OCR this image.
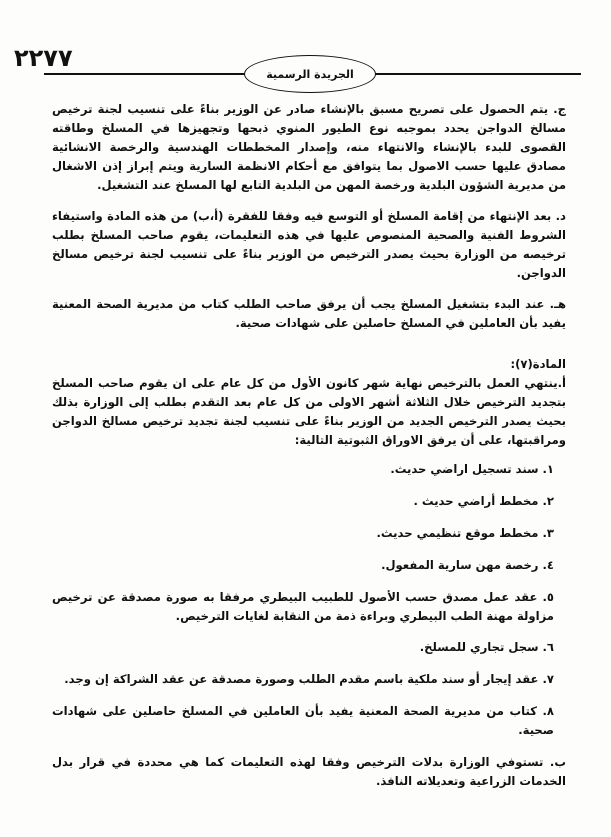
٢٢٧٧
الجريدة الرسمية

ج. يتم الحصول على تصريح مسبق بالإنشاء صادر عن الوزير بناءً على تنسيب لجنة ترخيص مسالخ الدواجن يحدد بموجبه نوع الطيور المنوي ذبحها وتجهيزها في المسلخ وطاقته القصوى للبدء بالإنشاء والانتهاء منه، وإصدار المخططات الهندسية والرخصة الانشائية مصادق عليها حسب الاصول بما يتوافق مع أحكام الانظمة السارية ويتم إبراز إذن الاشغال من مديرية الشؤون البلدية ورخصة المهن من البلدية التابع لها المسلخ عند التشغيل.

د. بعد الإنتهاء من إقامة المسلخ أو التوسع فيه وفقا للفقرة (أ،ب) من هذه المادة واستيفاء الشروط الفنية والصحية المنصوص عليها في هذه التعليمات، يقوم صاحب المسلخ بطلب ترخيصه من الوزارة بحيث يصدر الترخيص من الوزير بناءً على تنسيب لجنة ترخيص مسالخ الدواجن.

هـ. عند البدء بتشغيل المسلخ يجب أن يرفق صاحب الطلب كتاب من مديرية الصحة المعنية يفيد بأن العاملين في المسلخ حاصلين على شهادات صحية.

المادة(٧):

أ.ينتهي العمل بالترخيص نهاية شهر كانون الأول من كل عام على ان يقوم صاحب المسلخ بتجديد الترخيص خلال الثلاثة أشهر الاولى من كل عام بعد التقدم بطلب إلى الوزارة بذلك بحيث يصدر الترخيص الجديد من الوزير بناءً على تنسيب لجنة تجديد ترخيص مسالخ الدواجن ومراقبتها، على أن يرفق الاوراق الثبوتية التالية:

١. سند تسجيل اراضي حديث.
٢. مخطط أراضي حديث .
٣. مخطط موقع تنظيمي حديث.
٤. رخصة مهن سارية المفعول.
٥. عقد عمل مصدق حسب الأصول للطبيب البيطري مرفقا به صورة مصدقة عن ترخيص مزاولة مهنة الطب البيطري وبراءة ذمة من النقابة لغايات الترخيص.
٦. سجل تجاري للمسلخ.
٧. عقد إيجار أو سند ملكية باسم مقدم الطلب وصورة مصدقة عن عقد الشراكة إن وجد.
٨. كتاب من مديرية الصحة المعنية يفيد بأن العاملين في المسلخ حاصلين على شهادات صحية.

ب. تستوفي الوزارة بدلات الترخيص وفقا لهذه التعليمات كما هي محددة في قرار بدل الخدمات الزراعية وتعديلاته النافذ.
